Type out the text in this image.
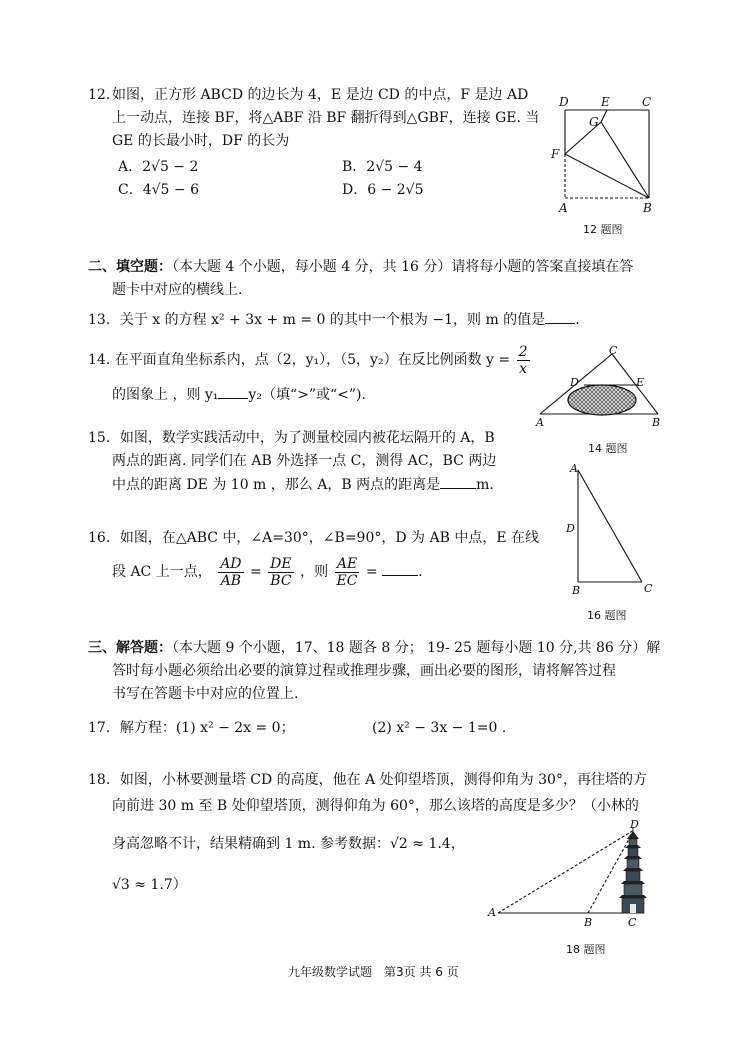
12．
如图，正方形 ABCD 的边长为 4，E 是边 CD 的中点，F 是边 AD
上一动点，连接 BF，将△ABF 沿 BF 翻折得到△GBF，连接 GE. 当
GE 的长最小时，DF 的长为
A．2√5 − 2	B．2√5 − 4
C．4√5 − 6	D．6 − 2√5
D	E	C
G
F
A	B
12 题图
二、填空题：（本大题 4 个小题，每小题 4 分，共 16 分）请将每小题的答案直接填在答
题卡中对应的横线上.
13．关于 x 的方程 x² + 3x + m = 0 的其中一个根为 −1，则 m 的值是 .
14. 在平面直角坐标系内，点（2，y₁），（5，y₂）在反比例函数 $y = \frac{2}{x}$
的图象上 ，则 y₁ y₂（填“>”或“<”).
C
D	E
A	B
14 题图
15．如图，数学实践活动中，为了测量校园内被花坛隔开的 A，B
两点的距离. 同学们在 AB 外选择一点 C，测得 AC，BC 两边
中点的距离 DE 为 10 m ，那么 A，B 两点的距离是	m.
16．如图，在△ABC 中，∠A=30°，∠B=90°，D 为 AB 中点，E 在线
段 AC 上一点， $\frac{AD}{AB} = \frac{DE}{BC}$ ，则 $\frac{AE}{EC}$ =	.
A
D
B	C
16 题图
三、解答题：（本大题 9 个小题，17、18 题各 8 分； 19- 25 题每小题 10 分,共 86 分）解
答时每小题必须给出必要的演算过程或推理步骤，画出必要的图形，请将解答过程
书写在答题卡中对应的位置上.
17．解方程：(1) x² − 2x = 0；	(2) x² − 3x − 1=0 .
18．如图，小林要测量塔 CD 的高度，他在 A 处仰望塔顶，测得仰角为 30°，再往塔的方
向前进 30 m 至 B 处仰望塔顶，测得仰角为 60°，那么该塔的高度是多少？（小林的
身高忽略不计，结果精确到 1 m. 参考数据：√2 ≈ 1.4，
√3 ≈ 1.7）
D
A
B	C
18 题图
九年级数学试题　第3页 共 6 页
